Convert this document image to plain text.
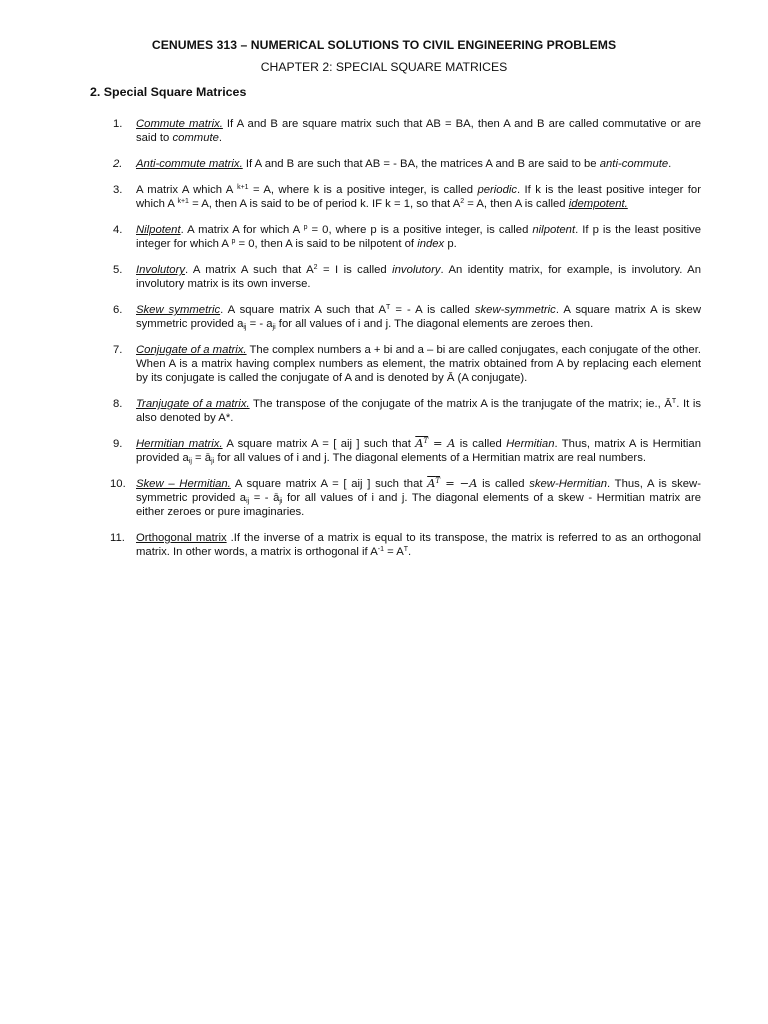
CENUMES 313 – NUMERICAL SOLUTIONS TO CIVIL ENGINEERING PROBLEMS
CHAPTER 2: SPECIAL SQUARE MATRICES
2. Special Square Matrices
1. Commute matrix. If A and B are square matrix such that AB = BA, then A and B are called commutative or are said to commute.
2. Anti-commute matrix. If A and B are such that AB = - BA, the matrices A and B are said to be anti-commute.
3. A matrix A which A $^{k+1}$ = A, where k is a positive integer, is called periodic. If k is the least positive integer for which A $^{k+1}$ = A, then A is said to be of period k. IF k = 1, so that $A^2 = A$, then A is called idempotent.
4. Nilpotent. A matrix A for which A $^p$ = 0, where p is a positive integer, is called nilpotent. If p is the least positive integer for which A $^p$ = 0, then A is said to be nilpotent of index p.
5. Involutory. A matrix A such that $A^2 = I$ is called involutory. An identity matrix, for example, is involutory. An involutory matrix is its own inverse.
6. Skew symmetric. A square matrix A such that $A^T$ = - A is called skew-symmetric. A square matrix A is skew symmetric provided $a_{ij}$ = - $a_{ji}$ for all values of i and j. The diagonal elements are zeroes then.
7. Conjugate of a matrix. The complex numbers a + bi and a – bi are called conjugates, each conjugate of the other. When A is a matrix having complex numbers as element, the matrix obtained from A by replacing each element by its conjugate is called the conjugate of A and is denoted by Ā (A conjugate).
8. Tranjugate of a matrix. The transpose of the conjugate of the matrix A is the tranjugate of the matrix; ie., $Ā^T$. It is also denoted by A*.
9. Hermitian matrix. A square matrix A = [ aij ] such that $A^T = A$ is called Hermitian. Thus, matrix A is Hermitian provided $a_{ij}$ = $ā_{ji}$ for all values of i and j. The diagonal elements of a Hermitian matrix are real numbers.
10. Skew – Hermitian. A square matrix A = [ aij ] such that $A^T = -A$ is called skew-Hermitian. Thus, A is skew-symmetric provided $a_{ij}$ = - $ā_{ji}$ for all values of i and j. The diagonal elements of a skew - Hermitian matrix are either zeroes or pure imaginaries.
11. Orthogonal matrix .If the inverse of a matrix is equal to its transpose, the matrix is referred to as an orthogonal matrix. In other words, a matrix is orthogonal if $A^{-1} = A^T$.
